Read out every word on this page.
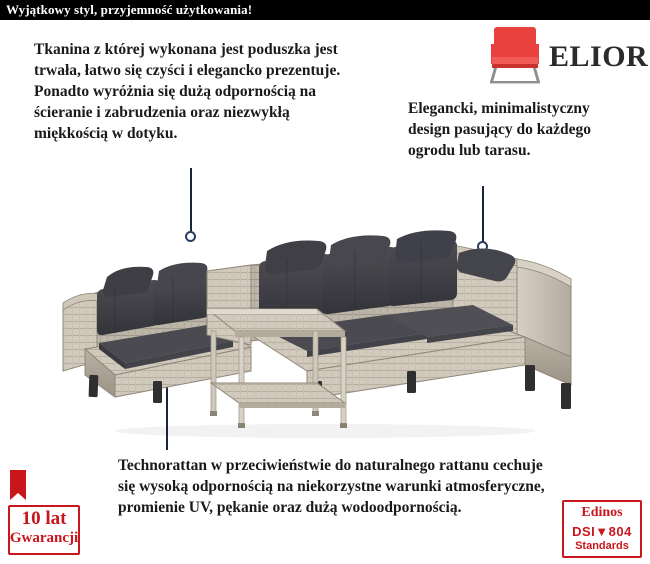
Wyjątkowy styl, przyjemność użytkowania!
ELIOR
Tkanina z której wykonana jest poduszka jest trwała, łatwo się czyści i elegancko prezentuje. Ponadto wyróżnia się dużą odpornością na ścieranie i zabrudzenia oraz niezwykłą miękkością w dotyku.
Elegancki, minimalistyczny design pasujący do każdego ogrodu lub tarasu.
Technorattan w przeciwieństwie do naturalnego rattanu cechuje się wysoką odpornością na niekorzystne warunki atmosferyczne, promienie UV, pękanie oraz dużą wodoodpornością.
10 lat
Gwarancji
Edinos
DSI▼804
Standards
